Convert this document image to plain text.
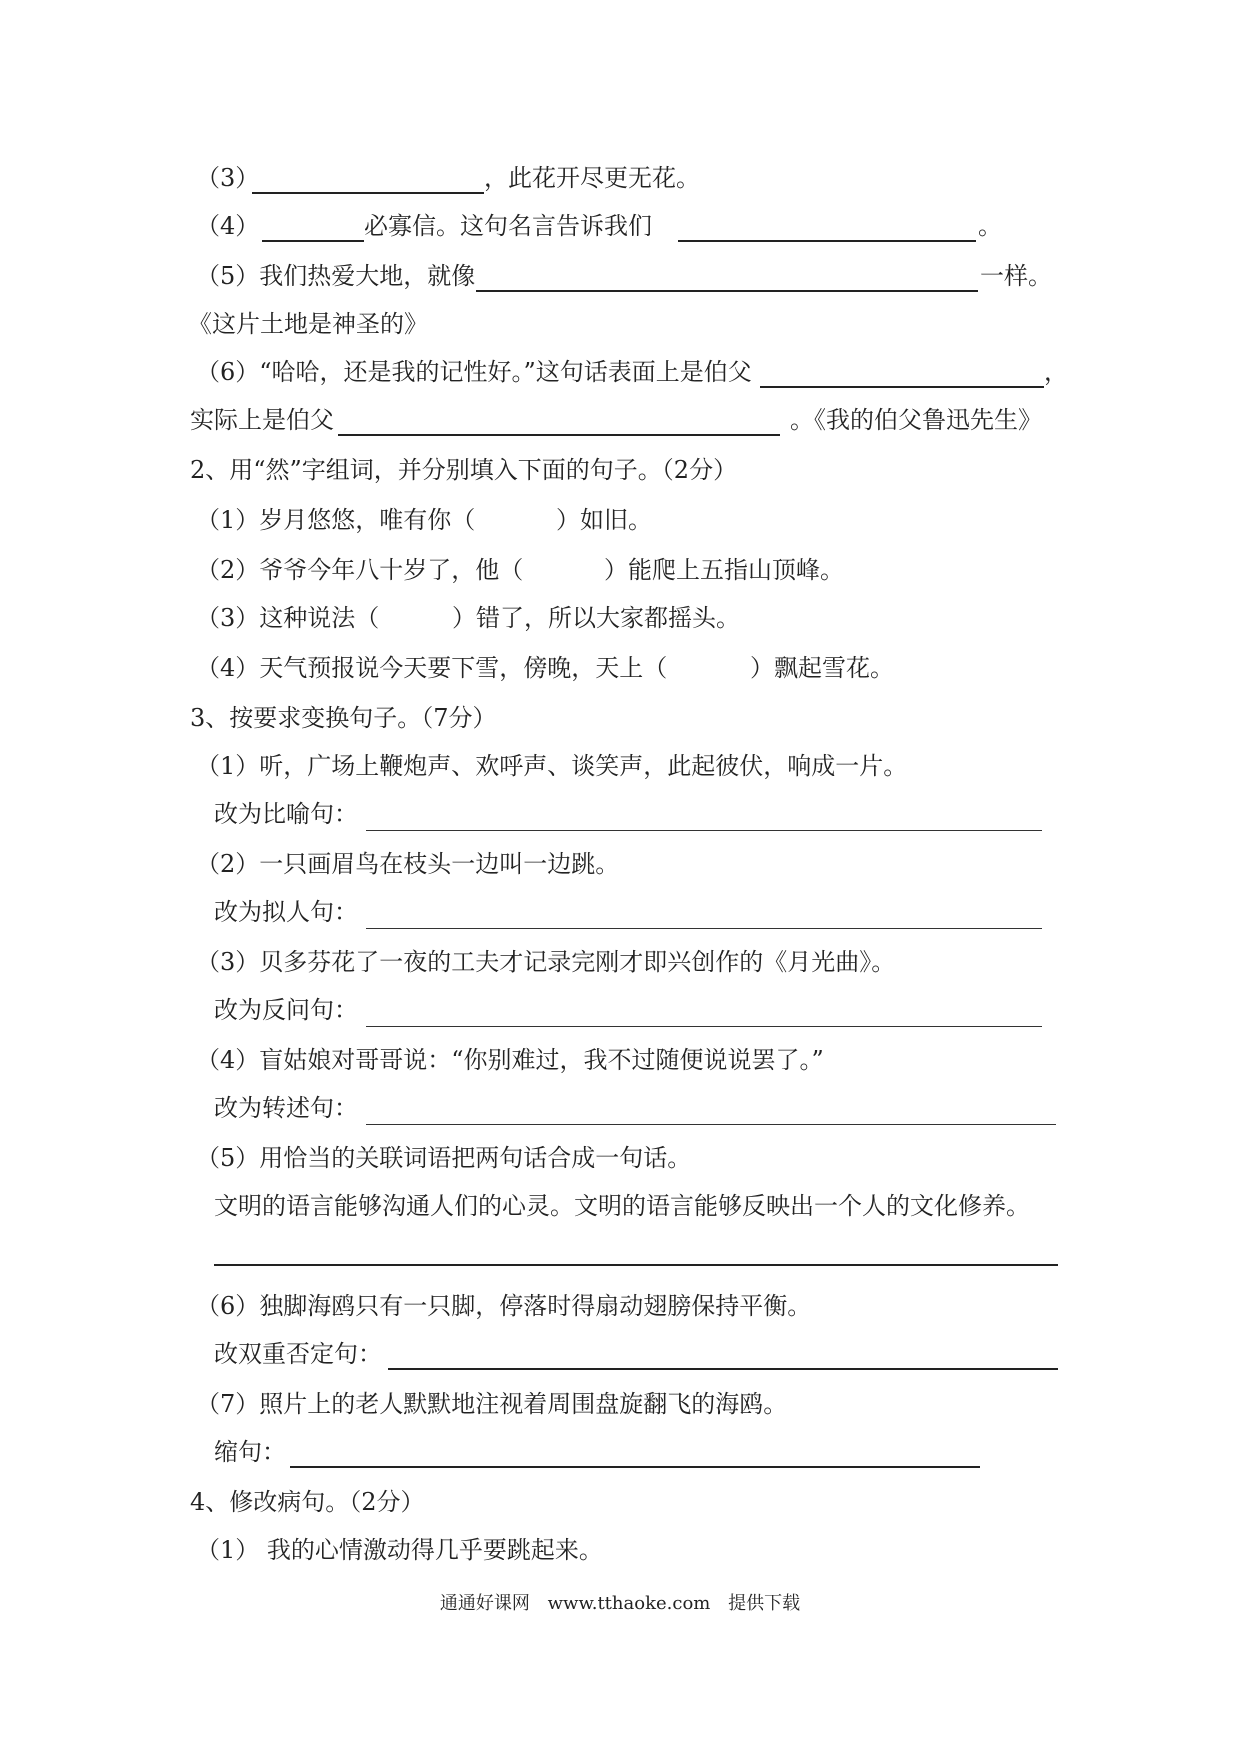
（3）	，此花开尽更无花。
（4）	必寡信。这句名言告诉我们	。
（5）我们热爱大地，就像	一样。
《这片土地是神圣的》
（6）“哈哈，还是我的记性好。”这句话表面上是伯父	，
实际上是伯父	。《我的伯父鲁迅先生》
2、用“然”字组词，并分别填入下面的句子。（2分）
（1）岁月悠悠，唯有你（	）如旧。
（2）爷爷今年八十岁了，他（	）能爬上五指山顶峰。
（3）这种说法（	）错了，所以大家都摇头。
（4）天气预报说今天要下雪，傍晚，天上（	）飘起雪花。
3、按要求变换句子。（7分）
（1）听，广场上鞭炮声、欢呼声、谈笑声，此起彼伏，响成一片。
改为比喻句：
（2）一只画眉鸟在枝头一边叫一边跳。
改为拟人句：
（3）贝多芬花了一夜的工夫才记录完刚才即兴创作的《月光曲》。
改为反问句：
（4）盲姑娘对哥哥说：“你别难过，我不过随便说说罢了。”
改为转述句：
（5）用恰当的关联词语把两句话合成一句话。
文明的语言能够沟通人们的心灵。文明的语言能够反映出一个人的文化修养。
（6）独脚海鸥只有一只脚，停落时得扇动翅膀保持平衡。
改双重否定句：
（7）照片上的老人默默地注视着周围盘旋翻飞的海鸥。
缩句：
4、修改病句。（2分）
（1） 我的心情激动得几乎要跳起来。
通通好课网 www.tthaoke.com 提供下载
